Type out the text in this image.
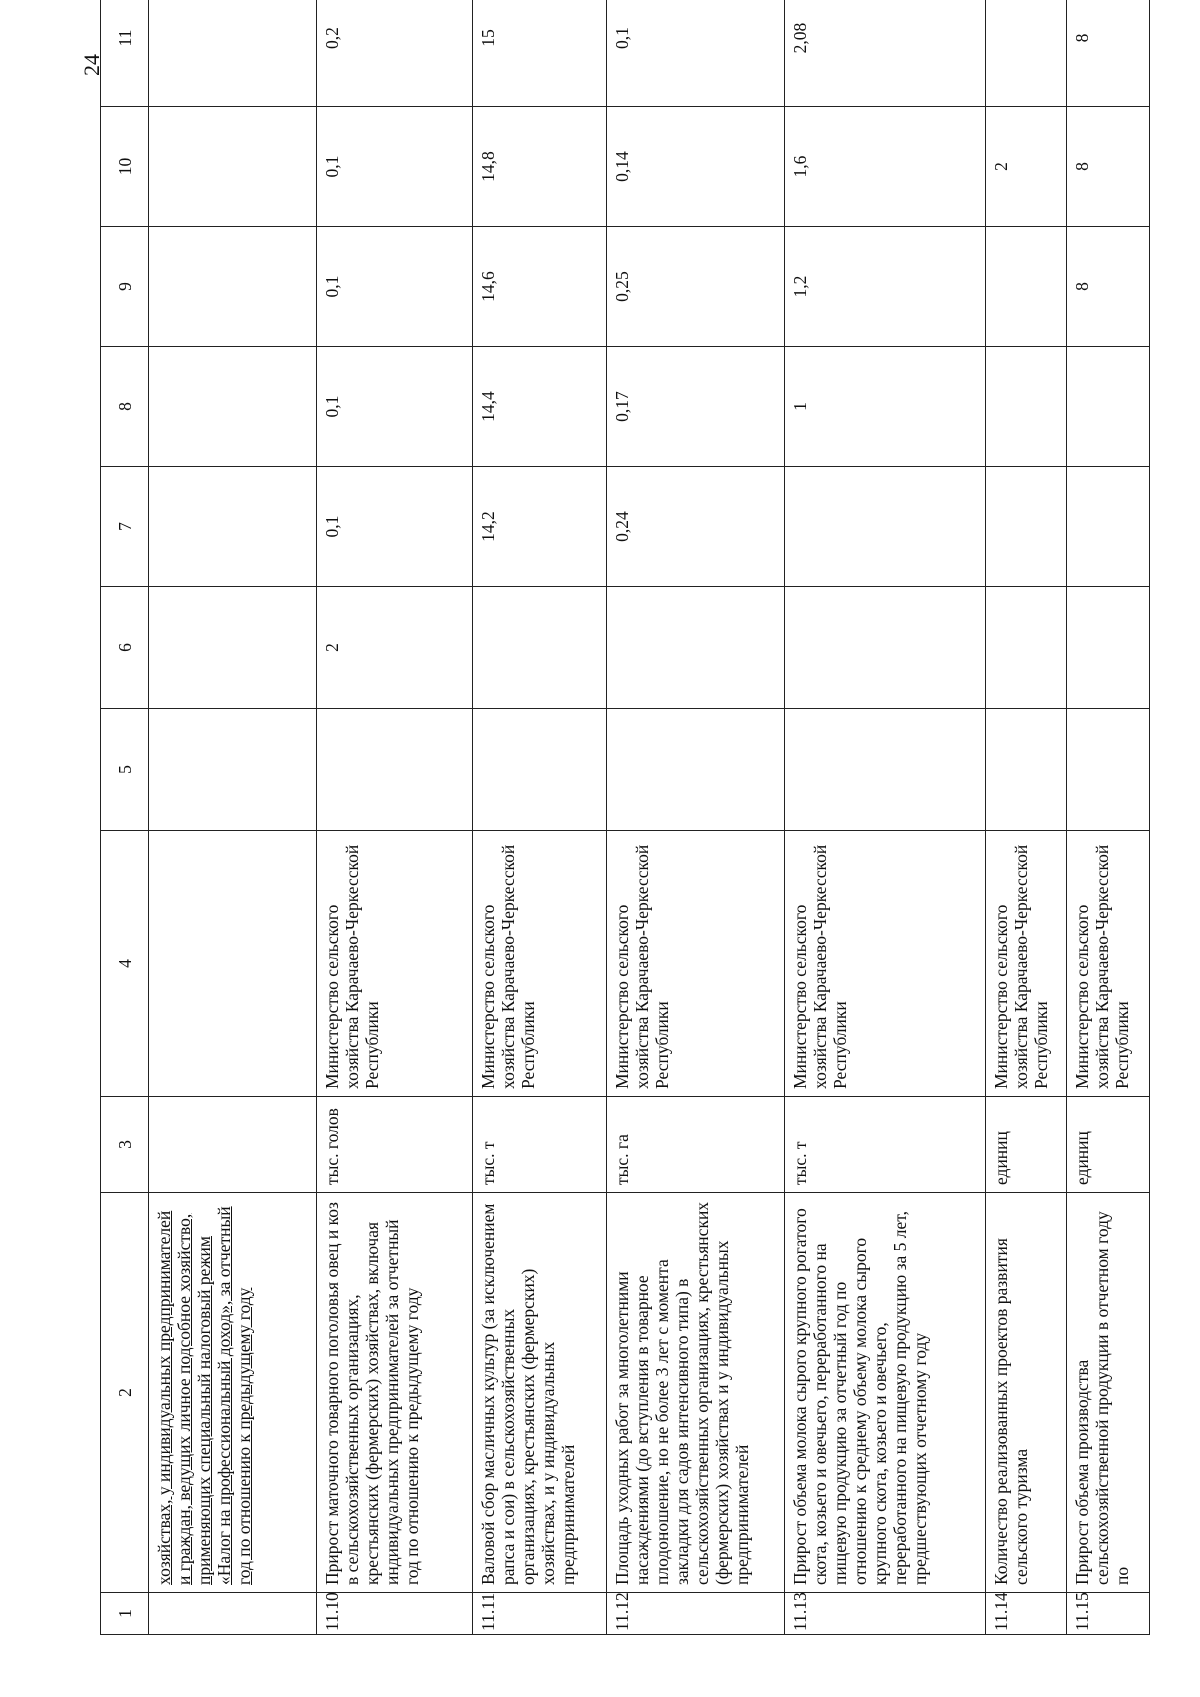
24
1	2	3	4	5	6	7	8	9	10	11
	хозяйствах, у индивидуальных предпринимателей и граждан, ведущих личное подсобное хозяйство, применяющих специальный налоговый режим «Налог на профессиональный доход», за отчетный год по отношению к предыдущему году									
11.10	Прирост маточного товарного поголовья овец и коз в сельскохозяйственных организациях, крестьянских (фермерских) хозяйствах, включая индивидуальных предпринимателей за отчетный год по отношению к предыдущему году	тыс. голов	Министерство сельского хозяйства Карачаево-Черкесской Республики		2	0,1	0,1	0,1	0,1	0,2
11.11	Валовой сбор масличных культур (за исключением рапса и сои) в сельскохозяйственных организациях, крестьянских (фермерских) хозяйствах, и у индивидуальных предпринимателей	тыс. т	Министерство сельского хозяйства Карачаево-Черкесской Республики			14,2	14,4	14,6	14,8	15
11.12	Площадь уходных работ за многолетними насаждениями (до вступления в товарное плодоношение, но не более 3 лет с момента закладки для садов интенсивного типа) в сельскохозяйственных организациях, крестьянских (фермерских) хозяйствах и у индивидуальных предпринимателей	тыс. га	Министерство сельского хозяйства Карачаево-Черкесской Республики			0,24	0,17	0,25	0,14	0,1
11.13	Прирост объема молока сырого крупного рогатого скота, козьего и овечьего, переработанного на пищевую продукцию за отчетный год по отношению к среднему объему молока сырого крупного скота, козьего и овечьего, переработанного на пищевую продукцию за 5 лет, предшествующих отчетному году	тыс. т	Министерство сельского хозяйства Карачаево-Черкесской Республики				1	1,2	1,6	2,08
11.14	Количество реализованных проектов развития сельского туризма	единиц	Министерство сельского хозяйства Карачаево-Черкесской Республики						2	
11.15	Прирост объема производства сельскохозяйственной продукции в отчетном году по	единиц	Министерство сельского хозяйства Карачаево-Черкесской Республики					8	8	8
